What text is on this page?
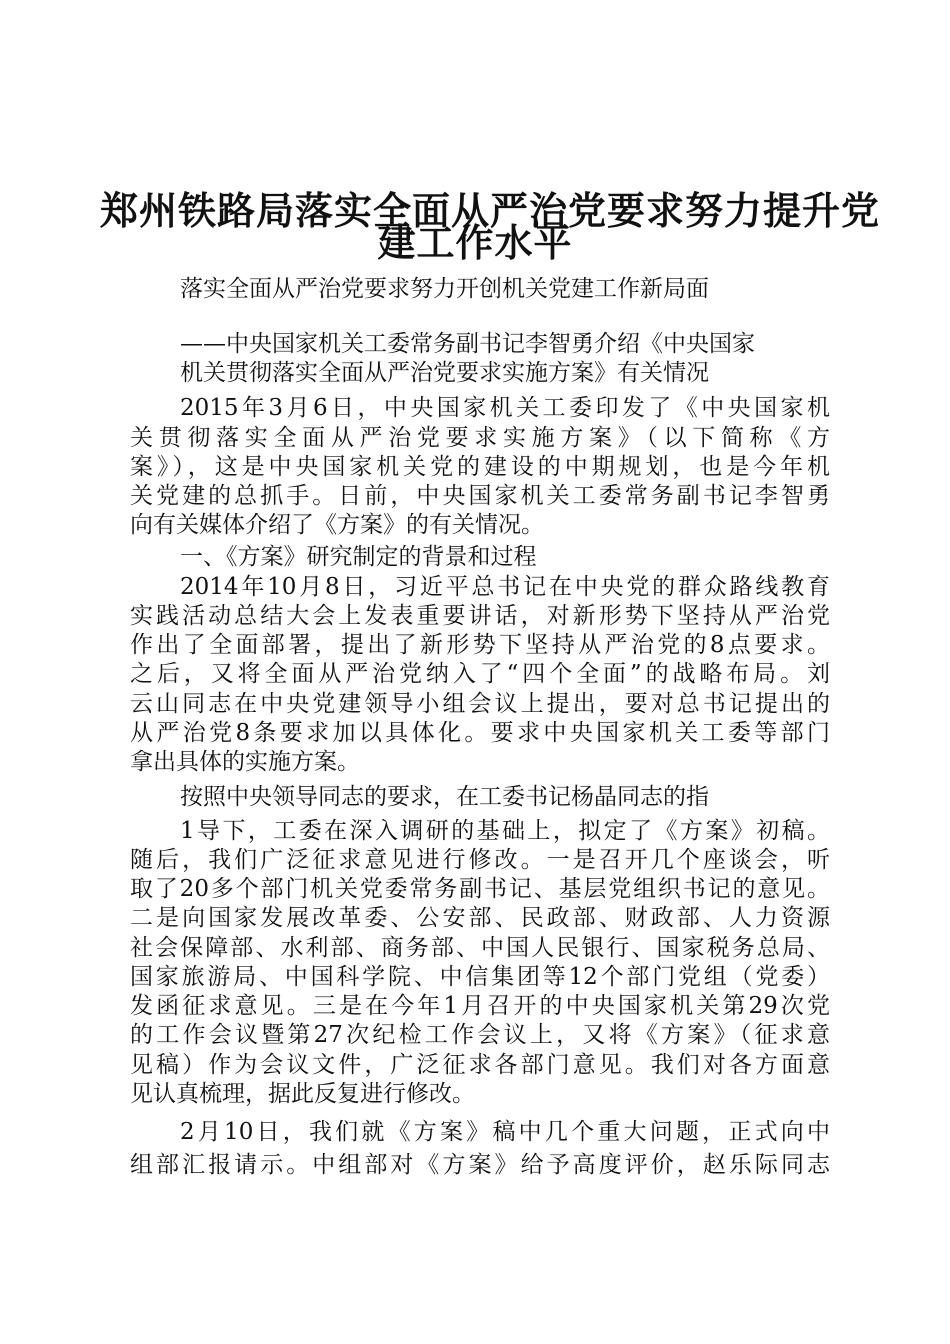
郑州铁路局落实全面从严治党要求努力提升党
建工作水平
落实全面从严治党要求努力开创机关党建工作新局面
——中央国家机关工委常务副书记李智勇介绍《中央国家
机关贯彻落实全面从严治党要求实施方案》有关情况
2015年3月6日，中央国家机关工委印发了《中央国家机
关贯彻落实全面从严治党要求实施方案》（以下简称《方
案》），这是中央国家机关党的建设的中期规划，也是今年机
关党建的总抓手。日前，中央国家机关工委常务副书记李智勇
向有关媒体介绍了《方案》的有关情况。
一、《方案》研究制定的背景和过程
2014年10月8日，习近平总书记在中央党的群众路线教育
实践活动总结大会上发表重要讲话，对新形势下坚持从严治党
作出了全面部署，提出了新形势下坚持从严治党的8点要求。
之后，又将全面从严治党纳入了“四个全面”的战略布局。刘
云山同志在中央党建领导小组会议上提出，要对总书记提出的
从严治党8条要求加以具体化。要求中央国家机关工委等部门
拿出具体的实施方案。
按照中央领导同志的要求，在工委书记杨晶同志的指
1导下，工委在深入调研的基础上，拟定了《方案》初稿。
随后，我们广泛征求意见进行修改。一是召开几个座谈会，听
取了20多个部门机关党委常务副书记、基层党组织书记的意见。
二是向国家发展改革委、公安部、民政部、财政部、人力资源
社会保障部、水利部、商务部、中国人民银行、国家税务总局、
国家旅游局、中国科学院、中信集团等12个部门党组（党委）
发函征求意见。三是在今年1月召开的中央国家机关第29次党
的工作会议暨第27次纪检工作会议上，又将《方案》（征求意
见稿）作为会议文件，广泛征求各部门意见。我们对各方面意
见认真梳理，据此反复进行修改。
2月10日，我们就《方案》稿中几个重大问题，正式向中
组部汇报请示。中组部对《方案》给予高度评价，赵乐际同志
